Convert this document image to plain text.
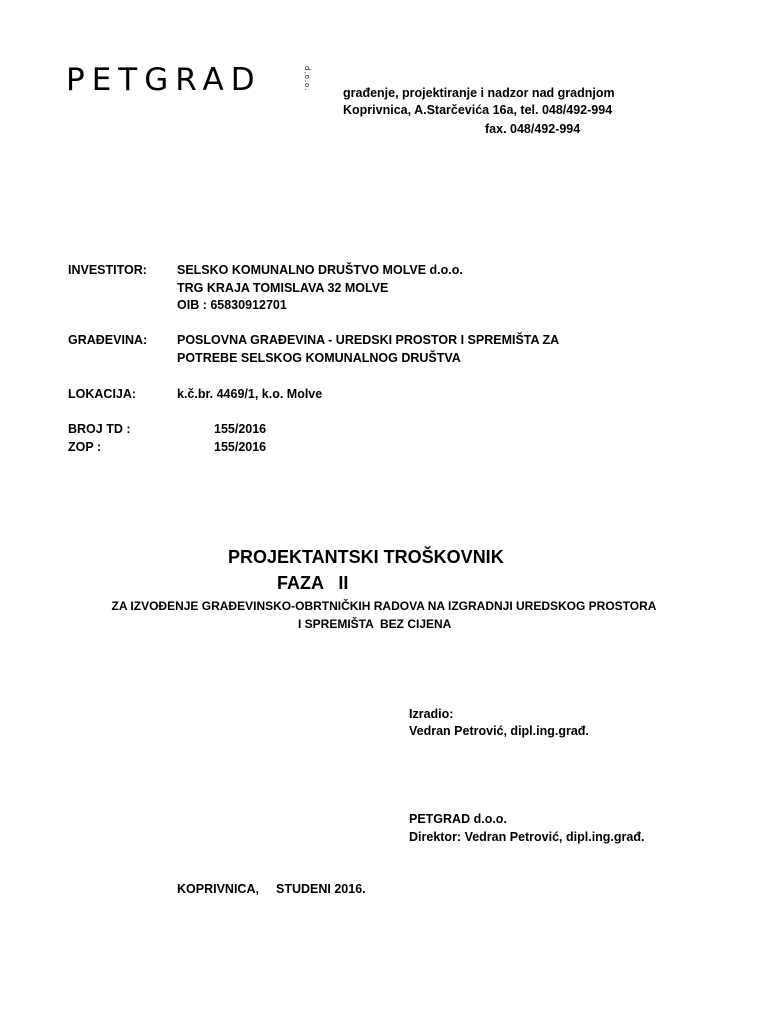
PETGRAD	d.o.o.
građenje, projektiranje i nadzor nad gradnjom
Koprivnica, A.Starčevića 16a, tel. 048/492-994
fax. 048/492-994
INVESTITOR: SELSKO KOMUNALNO DRUŠTVO MOLVE d.o.o.
TRG KRAJA TOMISLAVA 32 MOLVE
OIB : 65830912701
GRAĐEVINA: POSLOVNA GRAĐEVINA - UREDSKI PROSTOR I SPREMIŠTA ZA
POTREBE SELSKOG KOMUNALNOG DRUŠTVA
LOKACIJA:	k.č.br. 4469/1, k.o. Molve
BROJ TD :	155/2016
ZOP :	155/2016
PROJEKTANTSKI TROŠKOVNIK
FAZA   II
ZA IZVOĐENJE GRAĐEVINSKO-OBRTNIČKIH RADOVA NA IZGRADNJI UREDSKOG PROSTORA
I SPREMIŠTA  BEZ CIJENA
Izradio:
Vedran Petrović, dipl.ing.građ.
PETGRAD d.o.o.
Direktor: Vedran Petrović, dipl.ing.građ.
KOPRIVNICA, STUDENI 2016.
